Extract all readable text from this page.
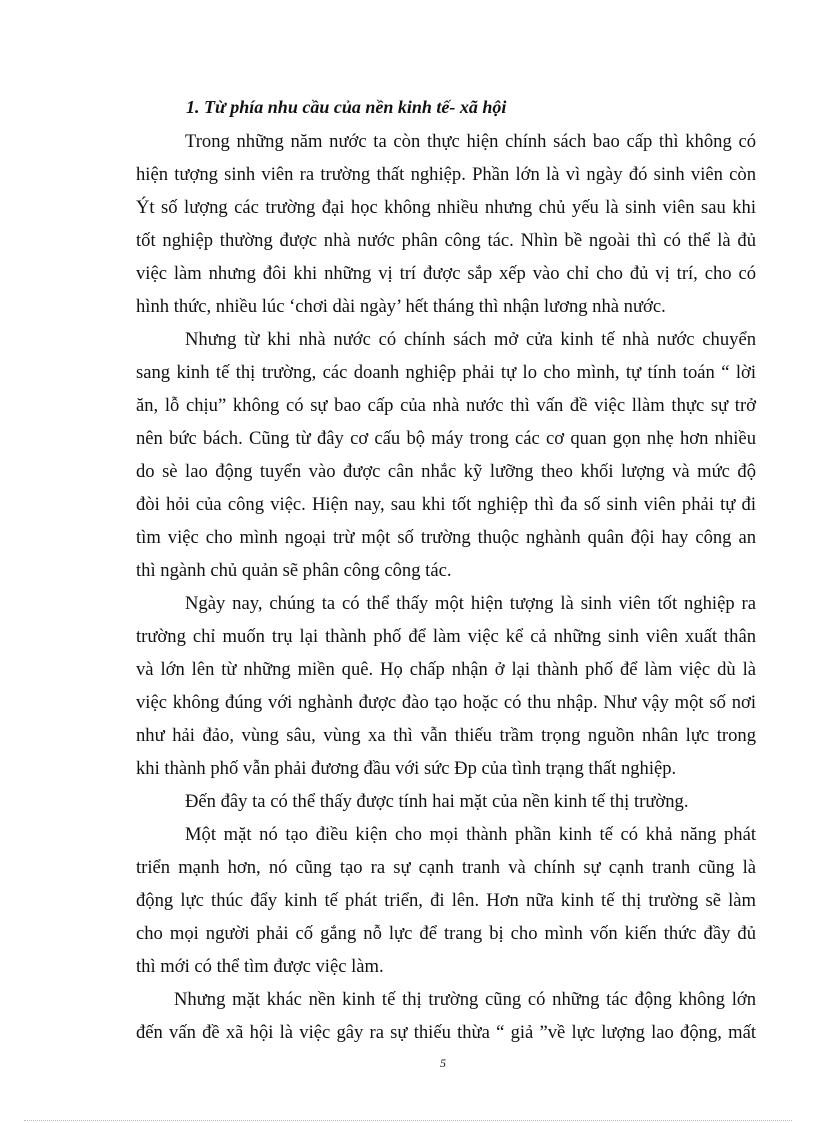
1. Từ phía nhu cầu của nền kinh tế- xã hội
Trong những năm nước ta còn thực hiện chính sách bao cấp thì không có
hiện tượng sinh viên ra trường thất nghiệp. Phần lớn là vì ngày đó sinh viên còn
Ýt số lượng các trường đại học không nhiều nhưng chủ yếu là sinh viên sau khi
tốt nghiệp thường được nhà nước phân công tác. Nhìn bề ngoài thì có thể là đủ
việc làm nhưng đôi khi những vị trí được sắp xếp vào chỉ cho đủ vị trí, cho có
hình thức, nhiều lúc ‘chơi dài ngày’ hết tháng thì nhận lương nhà nước.
Nhưng từ khi nhà nước có chính sách mở cửa kinh tế nhà nước chuyển
sang kinh tế thị trường, các doanh nghiệp phải tự lo cho mình, tự tính toán “ lời
ăn, lỗ chịu” không có sự bao cấp của nhà nước thì vấn đề việc llàm thực sự trở
nên bức bách. Cũng từ đây cơ cấu bộ máy trong các cơ quan gọn nhẹ hơn nhiều
do sè lao động tuyển vào được cân nhắc kỹ lưỡng theo khối lượng và mức độ
đòi hỏi của công việc. Hiện nay, sau khi tốt nghiệp thì đa số sinh viên phải tự đi
tìm việc cho mình ngoại trừ một số trường thuộc nghành quân đội hay công an
thì ngành chủ quản sẽ phân công công tác.
Ngày nay, chúng ta có thể thấy một hiện tượng là sinh viên tốt nghiệp ra
trường chỉ muốn trụ lại thành phố để làm việc kể cả những sinh viên xuất thân
và lớn lên từ những miền quê. Họ chấp nhận ở lại thành phố để làm việc dù là
việc không đúng với nghành được đào tạo hoặc có thu nhập. Như vậy một số nơi
như hải đảo, vùng sâu, vùng xa thì vẫn thiếu trầm trọng nguồn nhân lực trong
khi thành phố vẫn phải đương đầu với sức Ðp của tình trạng thất nghiệp.
Đến đây ta có thể thấy được tính hai mặt của nền kinh tế thị trường.
Một mặt nó tạo điều kiện cho mọi thành phần kinh tế có khả năng phát
triển mạnh hơn, nó cũng tạo ra sự cạnh tranh và chính sự cạnh tranh cũng là
động lực thúc đẩy kinh tế phát triển, đi lên. Hơn nữa kinh tế thị trường sẽ làm
cho mọi người phải cố gắng nỗ lực để trang bị cho mình vốn kiến thức đầy đủ
thì mới có thể tìm được việc làm.
Nhưng mặt khác nền kinh tế thị trường cũng có những tác động không lớn
đến vấn đề xã hội là việc gây ra sự thiếu thừa “ giả ”về lực lượng lao động, mất
5
